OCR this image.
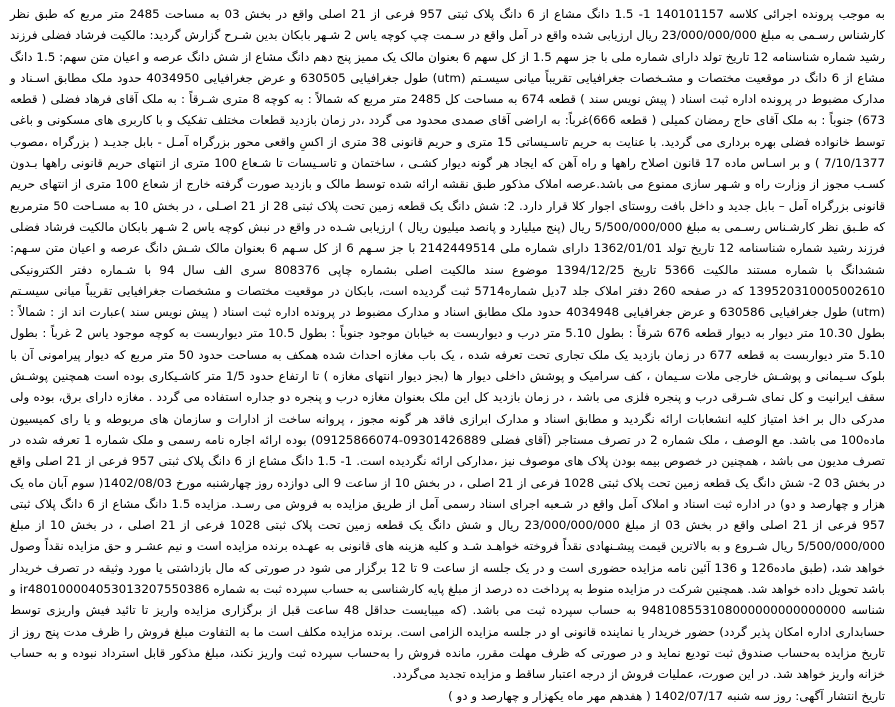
به موجب پرونده اجرائی کلاسه 140101157 1- 1.5 دانگ مشاع از 6 دانگ پلاک ثبتی 957 فرعی از 21 اصلی واقع در بخش 03 به مساحت 2485 متر مربع که طبق نظر کارشناس رسـمی به مبلغ 23/000/000/000 ریال ارزیابی شده واقع در آمل واقع در سـمت چپ کوچه یاس 2 شـهر بابکان بدین شـرح گزارش گردید: مالکیت فرشاد فضلی فرزند رشید شماره شناسنامه 12 تاریخ تولد دارای شماره ملی با جز سهم 1.5 از کل سهم 6 بعنوان مالک یک ممیز پنج دهم دانگ مشاع از شش دانگ عرصه و اعیان متن سهم: 1.5 دانگ مشاع از 6 دانگ در موقعیت مختصات و مشـخصات جغرافیایی تقریباً میانی سیسـتم (utm) طول جغرافیایی 630505 و عرض جغرافیایی 4034950 حدود ملک مطابق اسـناد و مدارک مضبوط در پرونده اداره ثبت اسناد ( پیش نویس سند ) قطعه 674 به مساحت کل 2485 متر مربع که شمالاً : به کوچه 8 متری شـرقاً : به ملک آقای فرهاد فضلی ( قطعه 673) جنوباً : به ملک آقای حاج رمضان کمیلی ( قطعه 666)غرباً: به اراضی آقای صمدی محدود می گردد ،در زمان بازدید قطعات مختلف تفکیک و با کاربری های مسکونی و باغی توسط خانواده فضلی بهره برداری می گردید. با عنایت به حریم تاسـیساتی 15 متری و حریم قانونی 38 متری از اکسِ واقعی محور بزرگراه آمـل - بابل جدیـد ( بزرگراه ،مصوب 7/10/1377 ) و بر اسـاس ماده 17 قانون اصلاح راهها و راه آهن که ایجاد هر گونه دیوار کشـی ، ساختمان و تاسـیسات تا شـعاع 100 متری از انتهای حریم قانونی راهها بـدون کسـب مجوز از وزارت راه و شـهر سازی ممنوع می باشد.عرصه املاک مذکور طبق نقشه ارائه شده توسط مالک و بازدید صورت گرفته خارج از شعاع 100 متری از انتهای حریم قانونی بزرگراه آمل – بابل جدید و داخل بافت روستای اجوار کلا قرار دارد. 2: شش دانگ یک قطعه زمین تحت پلاک ثبتی 28 از 21 اصـلی ، در بخش 10 به مسـاحت 50 مترمربع که طـبق نظر کارشـناس رسـمی به مبلغ 5/500/000/000 ریال (پنج میلیارد و پانصد میلیون ریال ) ارزیابی شـده در واقع در نبش کوچه یاس 2 شـهر بابکان مالکیت فرشاد فضلی فرزند رشید شماره شناسنامه 12 تاریخ تولد 1362/01/01 دارای شماره ملی 2142449514 با جز سـهم 6 از کل سـهم 6 بعنوان مالک شـش دانگ عرصه و اعیان متن سـهم: ششدانگ با شماره مستند مالکیت 5366 تاریخ 1394/12/25 موضوع سند مالکیت اصلی بشماره چاپی 808376 سری الف سال 94 با شـماره دفتر الکترونیکی 139520310005002610 که در صفحه 260 دفتر املاک جلد 7دیل شماره5714 ثبت گردیده است، بابکان در موقعیت مختصات و مشخصات جغرافیایی تقریباً میانی سیسـتم (utm) طول جغرافیایی 630586 و عرض جغرافیایی 4034948 حدود ملک مطابق اسناد و مدارک مضبوط در پرونده اداره ثبت اسناد ( پیش نویس سند )عبارت اند از : شمالاً : بطول 10.30 متر دیوار به دیوار قطعه 676 شرقاً : بطول 5.10 متر درب و دیواربست به خیابان موجود جنوباً : بطول 10.5 متر دیواربست به کوچه موجود یاس 2 غرباً : بطول 5.10 متر دیواربست به قطعه 677 در زمان بازدید یک ملک تجاری تحت تعرفه شده ، یک باب مغازه احداث شده همکف به مساحت حدود 50 متر مربع که دیوار پیرامونی آن با بلوک سـیمانی و پوشـش خارجی ملات سـیمان ، کف سرامیک و پوشش داخلی دیوار ها (بجز دیوار انتهای مغازه ) تا ارتفاع حدود 1/5 متر کاشـیکاری بوده است همچنین پوشـش سقف ایرانیت و کل نمای شـرقی درب و پنجره فلزی می باشد ، در زمان بازدید کل این ملک بعنوان مغازه درب و پنجره دو جداره استفاده می گردد . مغازه دارای برق، بوده ولی مدرکی دال بر اخذ امتیاز کلیه انشعابات ارائه نگردید و مطابق اسناد و مدارک ابرازی فاقد هر گونه مجوز ، پروانه ساخت از ادارات و سازمان های مربوطه و یا رای کمیسیون ماده100 می باشد. مع الوصف ، ملک شماره 2 در تصرف مستاجر (آقای فضلی 09301426889-09125866074) بوده ارائه اجاره نامه رسمی و ملک شماره 1 تعرفه شده در تصرف مدیون می باشد ، همچنین در خصوص بیمه بودن پلاک های موصوف نیز ،مدارکی ارائه نگردیده است. 1- 1.5 دانگ مشاع از 6 دانگ پلاک ثبتی 957 فرعی از 21 اصلی واقع در بخش 03 2- شش دانگ یک قطعه زمین تحت پلاک ثبتی 1028 فرعی از 21 اصلی ، در بخش 10 از ساعت 9 الی دوازده روز چهارشنبه مورخ 1402/08/03( سوم آبان ماه یک هزار و چهارصد و دو) در اداره ثبت اسناد و املاک آمل واقع در شـعبه اجرای اسناد رسمی آمل از طریق مزایده به فروش می رسـد. مزایده 1.5 دانگ مشاع از 6 دانگ پلاک ثبتی 957 فرعی از 21 اصلی واقع در بخش 03 از مبلغ 23/000/000/000 ریال و شش دانگ یک قطعه زمین تحت پلاک ثبتی 1028 فرعی از 21 اصلی ، در بخش 10 از مبلغ 5/500/000/000 ریال شـروع و به بالاترین قیمت پیشـنهادی نقداً فروخته خواهـد شـد و کلیه هزینه های قانونی به عهـده برنده مزایده است و نیم عشـر و حق مزایده نقداً وصول خواهد شد، (طبق ماده126 و 136 آئین نامه مزایده حضوری است و در یک جلسه از ساعت 9 تا 12 برگزار می شود در صورتی که مال بازداشتی یا مورد وثیقه در تصرف خریدار باشد تحویل داده خواهد شد. همچنین شرکت در مزایده منوط به پرداخت ده درصد از مبلغ پایه کارشناسی به حساب سپرده ثبت به شماره ir480100004053013207550386 و شناسه 948108553108000000000000000 به حساب سپرده ثبت می باشد. (که میبایست حداقل 48 ساعت قبل از برگزاری مزایده واریز تا تائید فیش واریزی توسط حسابداری اداره امکان پذیر گردد) حضور خریدار یا نماینده قانونی او در جلسه مزایده الزامی است. برنده مزایده مکلف است ما به التفاوت مبلغ فروش را ظرف مدت پنج روز از تاریخ مزایده به‌حساب صندوق ثبت تودیع نماید و در صورتی که ظرف مهلت مقرر، مانده فروش را به‌حساب سپرده ثبت واریز نکند، مبلغ مذکور قابل استرداد نبوده و به حساب خزانه واریز خواهد شد. در این صورت، عملیات فروش از درجه اعتبار ساقط و مزایده تجدید می‌گردد.

تاریخ انتشار آگهی: روز سه شنبه 1402/07/17 ( هفدهم مهر ماه یکهزار و چهارصد و دو )
